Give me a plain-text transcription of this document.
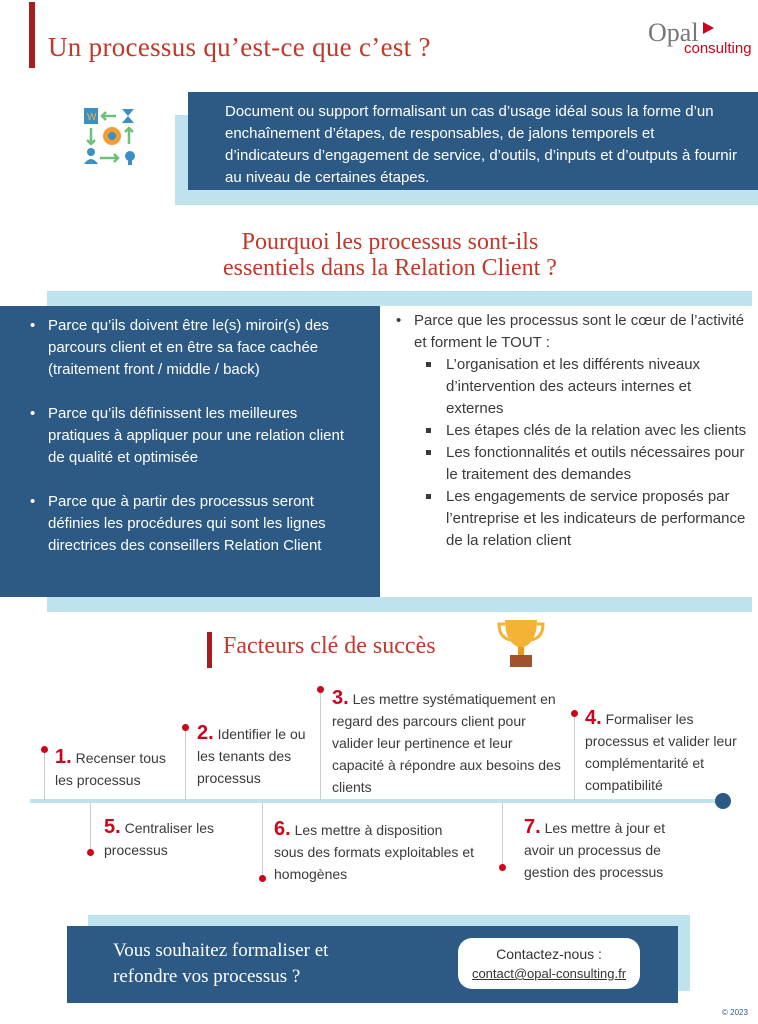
Un processus qu’est-ce que c’est ?	Opal
consulting
W	Document ou support formalisant un cas d’usage idéal sous la forme d’un enchaînement d’étapes, de responsables, de jalons temporels et d’indicateurs d’engagement de service, d’outils, d’inputs et d’outputs à fournir au niveau de certaines étapes.

Pourquoi les processus sont-ils
essentiels dans la Relation Client ?
• Parce qu’ils doivent être le(s) miroir(s) des parcours client et en être sa face cachée (traitement front / middle / back)
• Parce qu’ils définissent les meilleures pratiques à appliquer pour une relation client de qualité et optimisée
• Parce que à partir des processus seront définies les procédures qui sont les lignes directrices des conseillers Relation Client
• Parce que les processus sont le cœur de l’activité et forment le TOUT :
L’organisation et les différents niveaux d’intervention des acteurs internes et externes
Les étapes clés de la relation avec les clients
Les fonctionnalités et outils nécessaires pour le traitement des demandes
Les engagements de service proposés par l’entreprise et les indicateurs de performance de la relation client
Facteurs clé de succès
1. Recenser tous les processus
2. Identifier le ou les tenants des processus
3. Les mettre systématiquement en regard des parcours client pour valider leur pertinence et leur capacité à répondre aux besoins des clients
4. Formaliser les processus et valider leur complémentarité et compatibilité
5. Centraliser les processus
6. Les mettre à disposition sous des formats exploitables et homogènes
7. Les mettre à jour et avoir un processus de gestion des processus
Vous souhaitez formaliser et
refondre vos processus ?
Contactez-nous :
contact@opal-consulting.fr
© 2023
